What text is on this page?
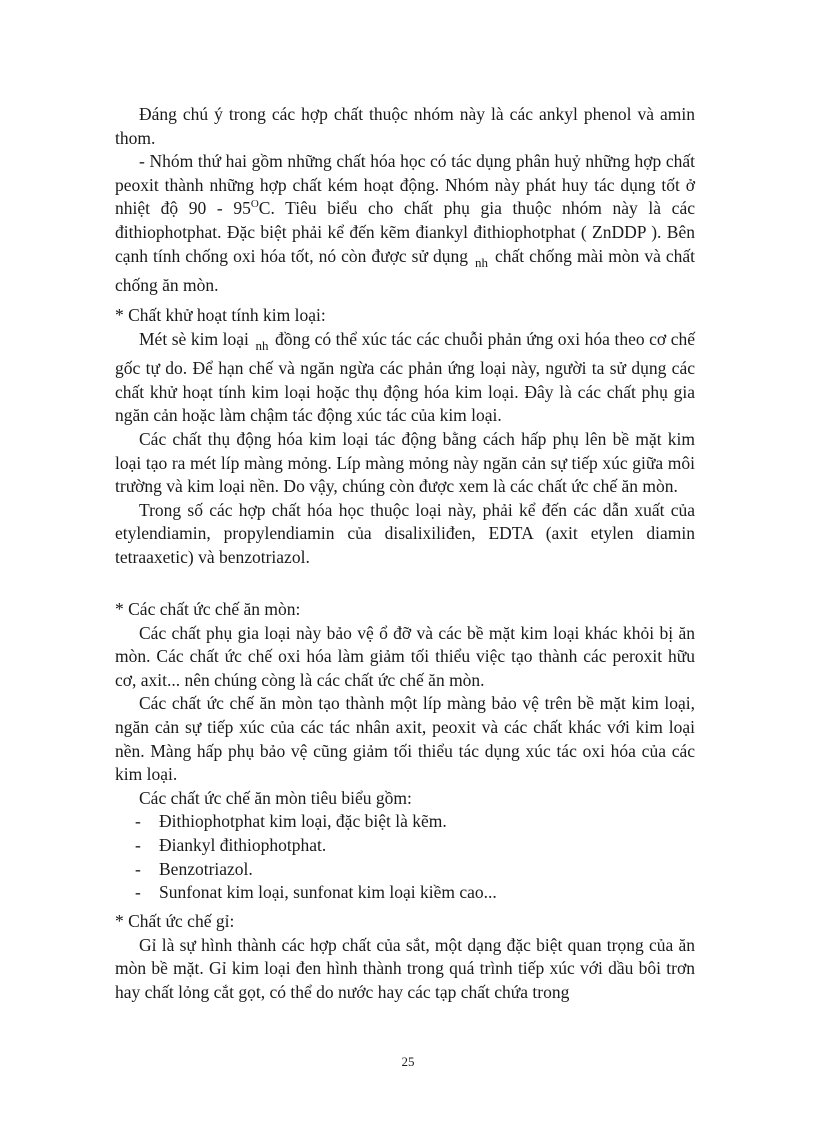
Đáng chú ý trong các hợp chất thuộc nhóm này là các ankyl phenol và amin thom.

- Nhóm thứ hai gồm những chất hóa học có tác dụng phân huỷ những hợp chất peoxit thành những hợp chất kém hoạt động. Nhóm này phát huy tác dụng tốt ở nhiệt độ $90 - 95^OC$. Tiêu biểu cho chất phụ gia thuộc nhóm này là các đithiophotphat. Đặc biệt phải kể đến kẽm điankyl đithiophotphat ( ZnDDP ). Bên cạnh tính chống oxi hóa tốt, nó còn được sử dụng $_{nh}$ chất chống mài mòn và chất chống ăn mòn.

* Chất khử hoạt tính kim loại:

Mét sè kim loại $_{nh}$ đồng có thể xúc tác các chuỗi phản ứng oxi hóa theo cơ chế gốc tự do. Để hạn chế và ngăn ngừa các phản ứng loại này, người ta sử dụng các chất khử hoạt tính kim loại hoặc thụ động hóa kim loại. Đây là các chất phụ gia ngăn cản hoặc làm chậm tác động xúc tác của kim loại.

Các chất thụ động hóa kim loại tác động bằng cách hấp phụ lên bề mặt kim loại tạo ra mét líp màng mỏng. Líp màng mỏng này ngăn cản sự tiếp xúc giữa môi trường và kim loại nền. Do vậy, chúng còn được xem là các chất ức chế ăn mòn.

Trong số các hợp chất hóa học thuộc loại này, phải kể đến các dẫn xuất của etylendiamin, propylendiamin của disalixiliđen, EDTA (axit etylen diamin tetraaxetic) và benzotriazol.

* Các chất ức chế ăn mòn:

Các chất phụ gia loại này bảo vệ ổ đỡ và các bề mặt kim loại khác khỏi bị ăn mòn. Các chất ức chế oxi hóa làm giảm tối thiểu việc tạo thành các peroxit hữu cơ, axit... nên chúng còng là các chất ức chế ăn mòn.

Các chất ức chế ăn mòn tạo thành một líp màng bảo vệ trên bề mặt kim loại, ngăn cản sự tiếp xúc của các tác nhân axit, peoxit và các chất khác với kim loại nền. Màng hấp phụ bảo vệ cũng giảm tối thiểu tác dụng xúc tác oxi hóa của các kim loại.

Các chất ức chế ăn mòn tiêu biểu gồm:

- Đithiophotphat kim loại, đặc biệt là kẽm.
- Điankyl đithiophotphat.
- Benzotriazol.
- Sunfonat kim loại, sunfonat kim loại kiềm cao...

* Chất ức chế gỉ:

Gỉ là sự hình thành các hợp chất của sắt, một dạng đặc biệt quan trọng của ăn mòn bề mặt. Gỉ kim loại đen hình thành trong quá trình tiếp xúc với dầu bôi trơn hay chất lỏng cắt gọt, có thể do nước hay các tạp chất chứa trong

25
